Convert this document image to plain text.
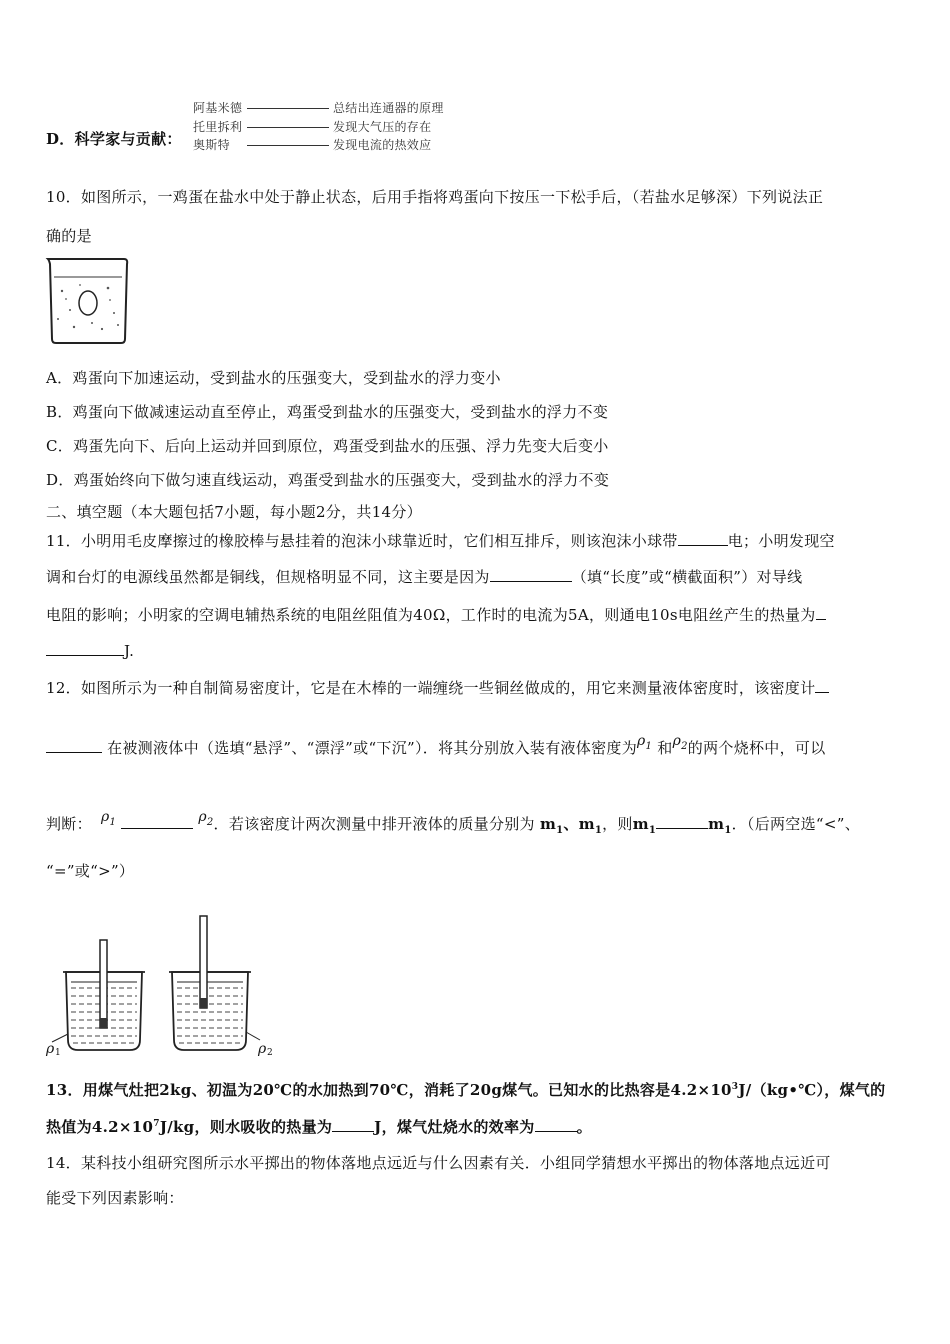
D．科学家与贡献：
阿基米德	总结出连通器的原理
托里拆利	发现大气压的存在
奥斯特	发现电流的热效应
10．如图所示，一鸡蛋在盐水中处于静止状态，后用手指将鸡蛋向下按压一下松手后，（若盐水足够深）下列说法正
确的是
A．鸡蛋向下加速运动，受到盐水的压强变大，受到盐水的浮力变小
B．鸡蛋向下做减速运动直至停止，鸡蛋受到盐水的压强变大，受到盐水的浮力不变
C．鸡蛋先向下、后向上运动并回到原位，鸡蛋受到盐水的压强、浮力先变大后变小
D．鸡蛋始终向下做匀速直线运动，鸡蛋受到盐水的压强变大，受到盐水的浮力不变
二、填空题（本大题包括7小题，每小题2分，共14分）
11．小明用毛皮摩擦过的橡胶棒与悬挂着的泡沫小球靠近时，它们相互排斥，则该泡沫小球带	电；小明发现空
调和台灯的电源线虽然都是铜线，但规格明显不同，这主要是因为	（填“长度”或“横截面积”）对导线
电阻的影响；小明家的空调电辅热系统的电阻丝阻值为40Ω，工作时的电流为5A，则通电10s电阻丝产生的热量为
J.
12．如图所示为一种自制简易密度计，它是在木棒的一端缠绕一些铜丝做成的，用它来测量液体密度时，该密度计
在被测液体中（选填“悬浮”、“漂浮”或“下沉”）．将其分别放入装有液体密度为$\rho_1$ 和$\rho_2$的两个烧杯中，可以
判断： $\rho_1$	$\rho_2$．若该密度计两次测量中排开液体的质量分别为 $m_1$、$m_1$，则$m_1$	$m_1$．（后两空选“<”、
“=”或“>”）
ρ 1	ρ 2
13．用煤气灶把2kg、初温为20℃的水加热到70℃，消耗了20g煤气。已知水的比热容是$4.2\times 10^3J/(kg•℃)$，煤气的
热值为$4.2\times 10^7J/kg$，则水吸收的热量为	J，煤气灶烧水的效率为	。
14．某科技小组研究图所示水平掷出的物体落地点远近与什么因素有关．小组同学猜想水平掷出的物体落地点远近可
能受下列因素影响：
